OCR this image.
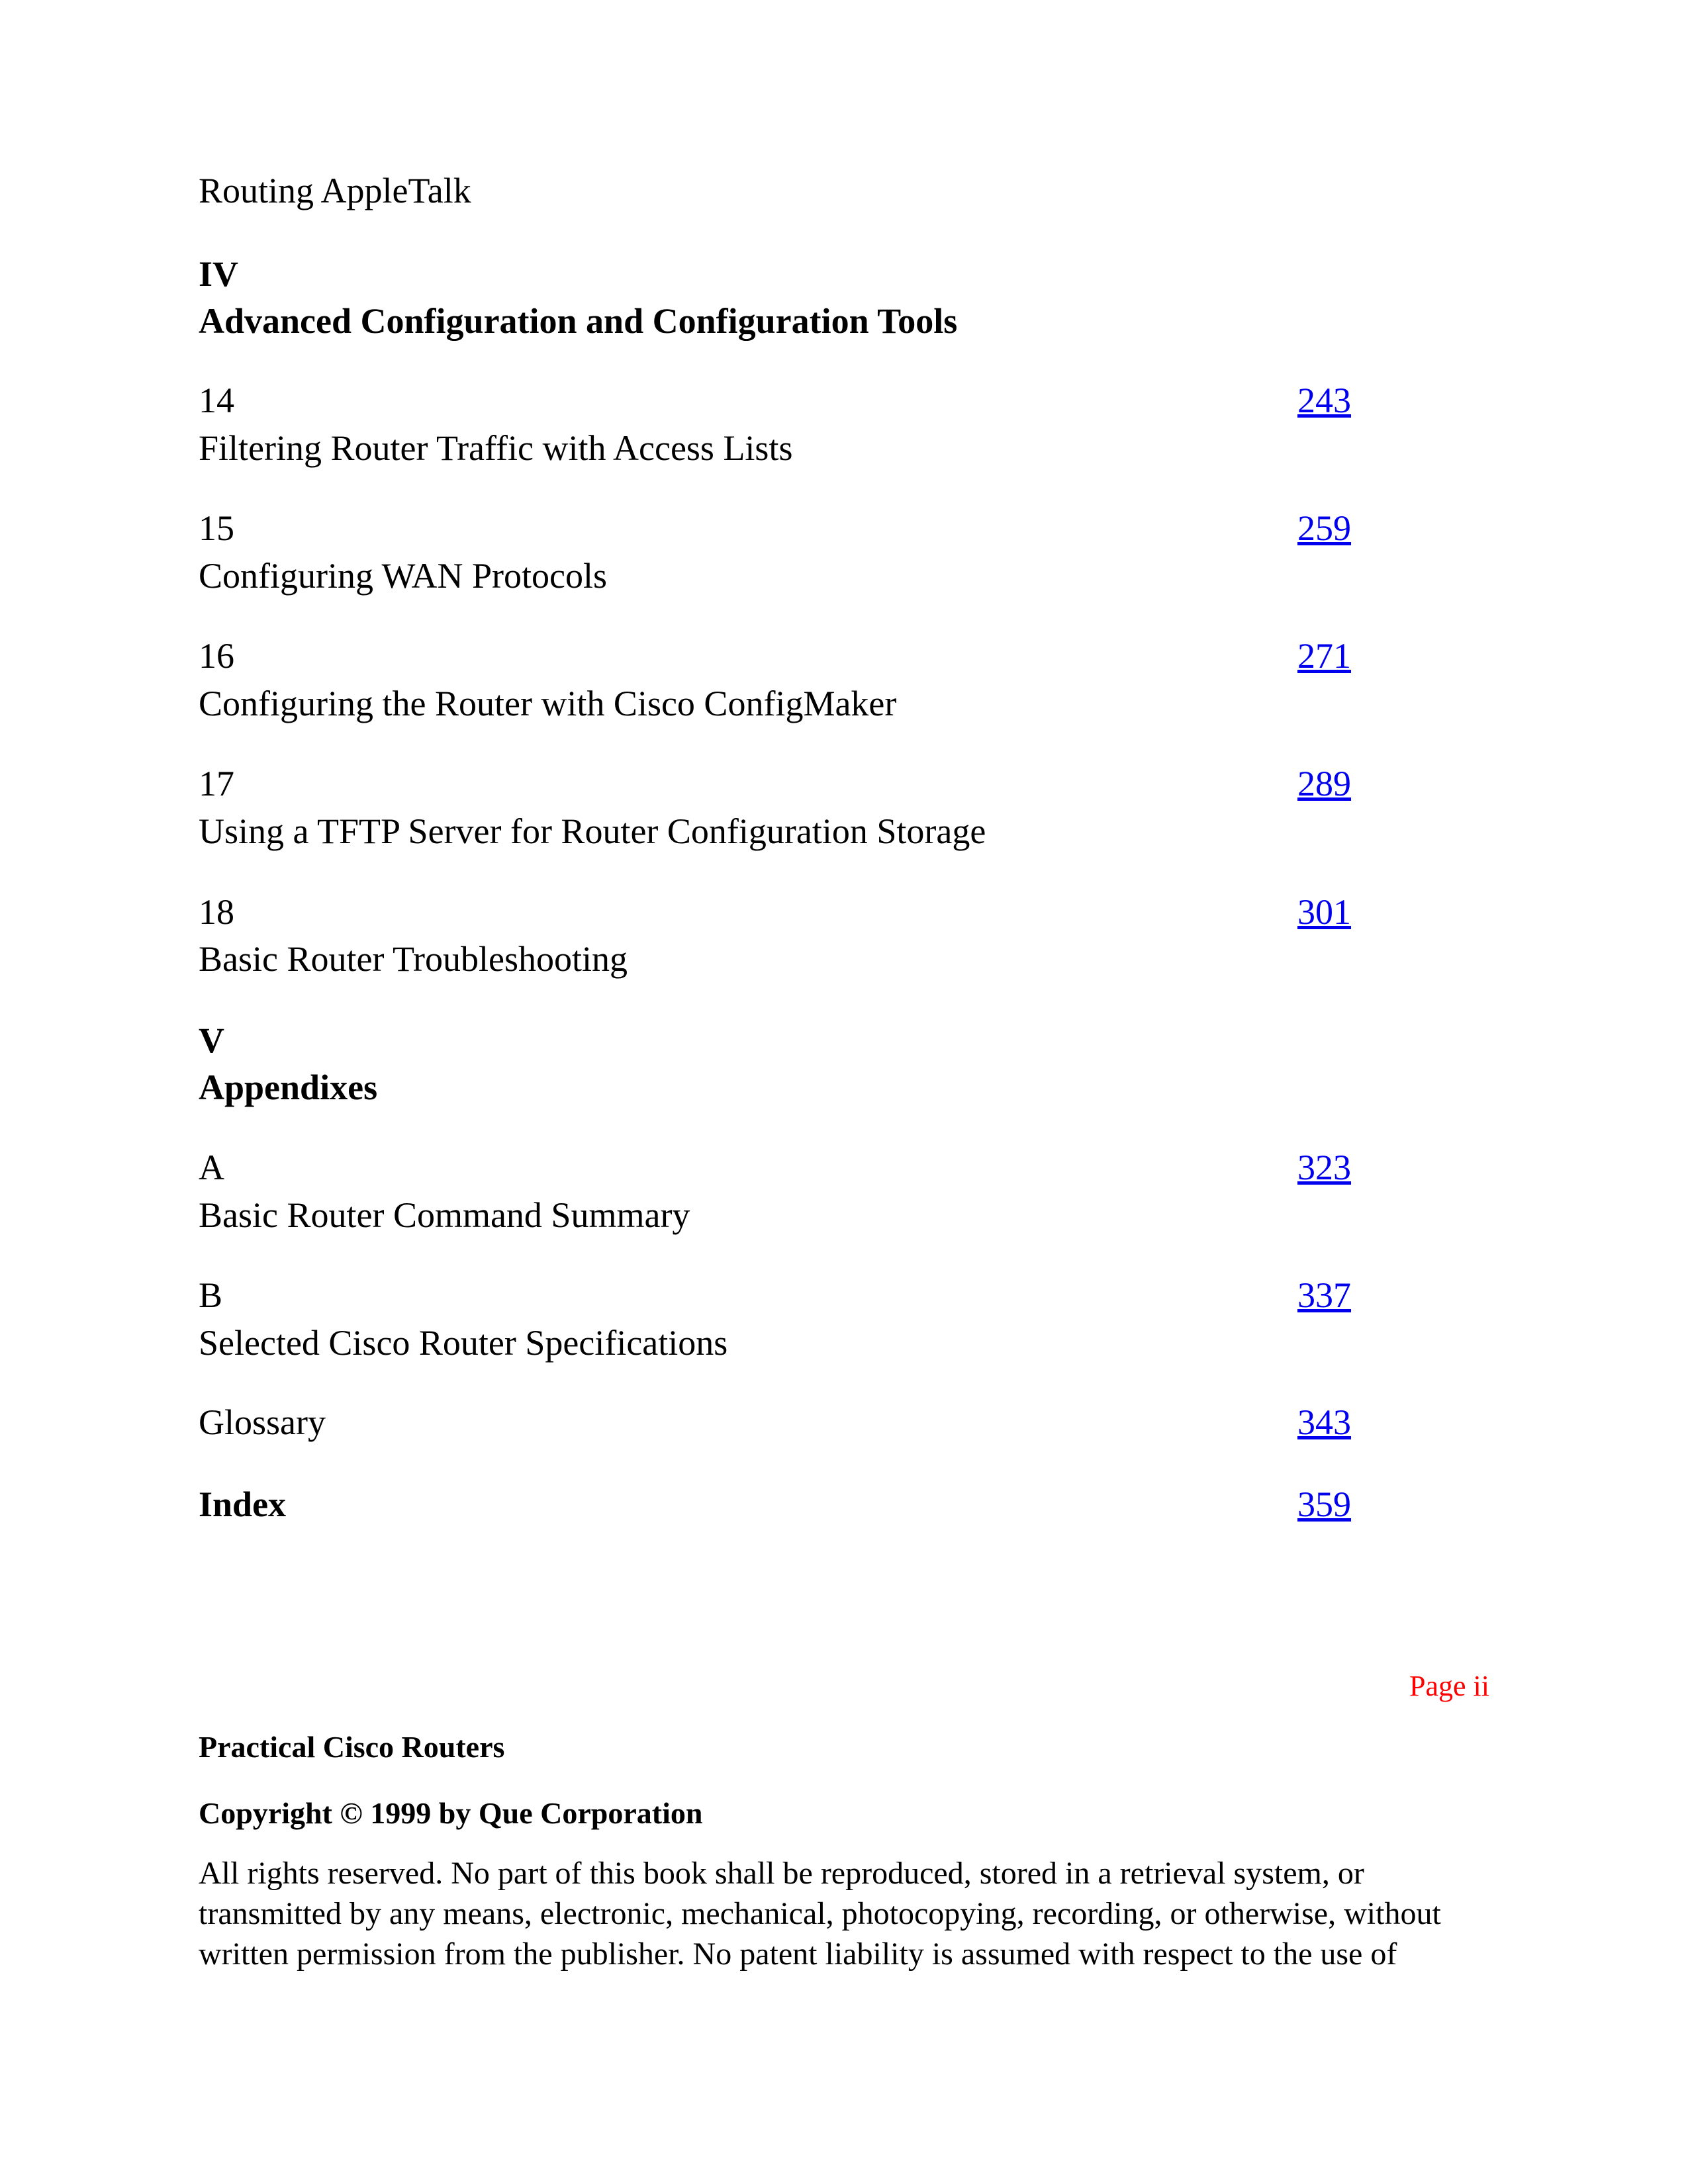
Routing AppleTalk

IV

Advanced Configuration and Configuration Tools

14	243

Filtering Router Traffic with Access Lists

15	259

Configuring WAN Protocols

16	271

Configuring the Router with Cisco ConfigMaker

17	289

Using a TFTP Server for Router Configuration Storage

18	301

Basic Router Troubleshooting

V

Appendixes

A	323

Basic Router Command Summary

B	337

Selected Cisco Router Specifications

Glossary	343

Index	359

Page ii

Practical Cisco Routers

Copyright © 1999 by Que Corporation

All rights reserved. No part of this book shall be reproduced, stored in a retrieval system, or transmitted by any means, electronic, mechanical, photocopying, recording, or otherwise, without written permission from the publisher. No patent liability is assumed with respect to the use of
